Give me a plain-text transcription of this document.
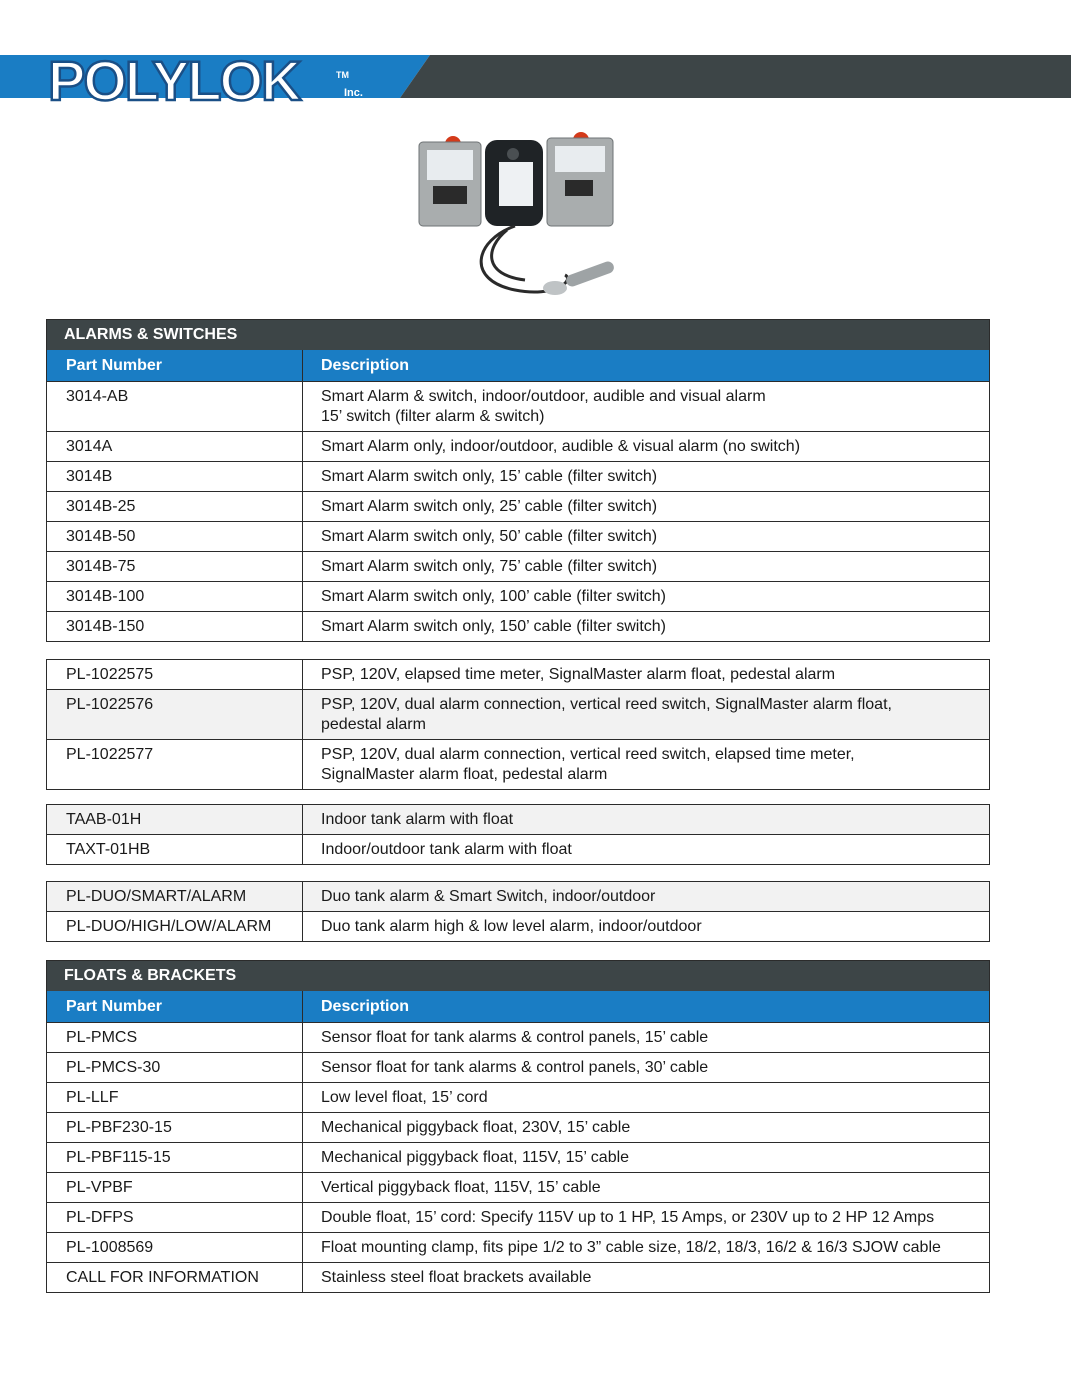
POLYLOK	TM
Inc.
ALARMS & SWITCHES
Part Number	Description
3014-AB	Smart Alarm & switch, indoor/outdoor, audible and visual alarm
15’ switch (filter alarm & switch)
3014A	Smart Alarm only, indoor/outdoor, audible & visual alarm (no switch)
3014B	Smart Alarm switch only, 15’ cable (filter switch)
3014B-25	Smart Alarm switch only, 25’ cable (filter switch)
3014B-50	Smart Alarm switch only, 50’ cable (filter switch)
3014B-75	Smart Alarm switch only, 75’ cable (filter switch)
3014B-100	Smart Alarm switch only, 100’ cable (filter switch)
3014B-150	Smart Alarm switch only, 150’ cable (filter switch)
PL-1022575	PSP, 120V, elapsed time meter, SignalMaster alarm float, pedestal alarm
PL-1022576	PSP, 120V, dual alarm connection, vertical reed switch, SignalMaster alarm float,
pedestal alarm
PL-1022577	PSP, 120V, dual alarm connection, vertical reed switch, elapsed time meter,
SignalMaster alarm float, pedestal alarm
TAAB-01H	Indoor tank alarm with float
TAXT-01HB	Indoor/outdoor tank alarm with float
PL-DUO/SMART/ALARM	Duo tank alarm & Smart Switch, indoor/outdoor
PL-DUO/HIGH/LOW/ALARM	Duo tank alarm high & low level alarm, indoor/outdoor
FLOATS & BRACKETS
Part Number	Description
PL-PMCS	Sensor float for tank alarms & control panels, 15’ cable
PL-PMCS-30	Sensor float for tank alarms & control panels, 30’ cable
PL-LLF	Low level float, 15’ cord
PL-PBF230-15	Mechanical piggyback float, 230V, 15’ cable
PL-PBF115-15	Mechanical piggyback float, 115V, 15’ cable
PL-VPBF	Vertical piggyback float, 115V, 15’ cable
PL-DFPS	Double float, 15’ cord: Specify 115V up to 1 HP, 15 Amps, or 230V up to 2 HP 12 Amps
PL-1008569	Float mounting clamp, fits pipe 1/2 to 3” cable size, 18/2, 18/3, 16/2 & 16/3 SJOW cable
CALL FOR INFORMATION	Stainless steel float brackets available
